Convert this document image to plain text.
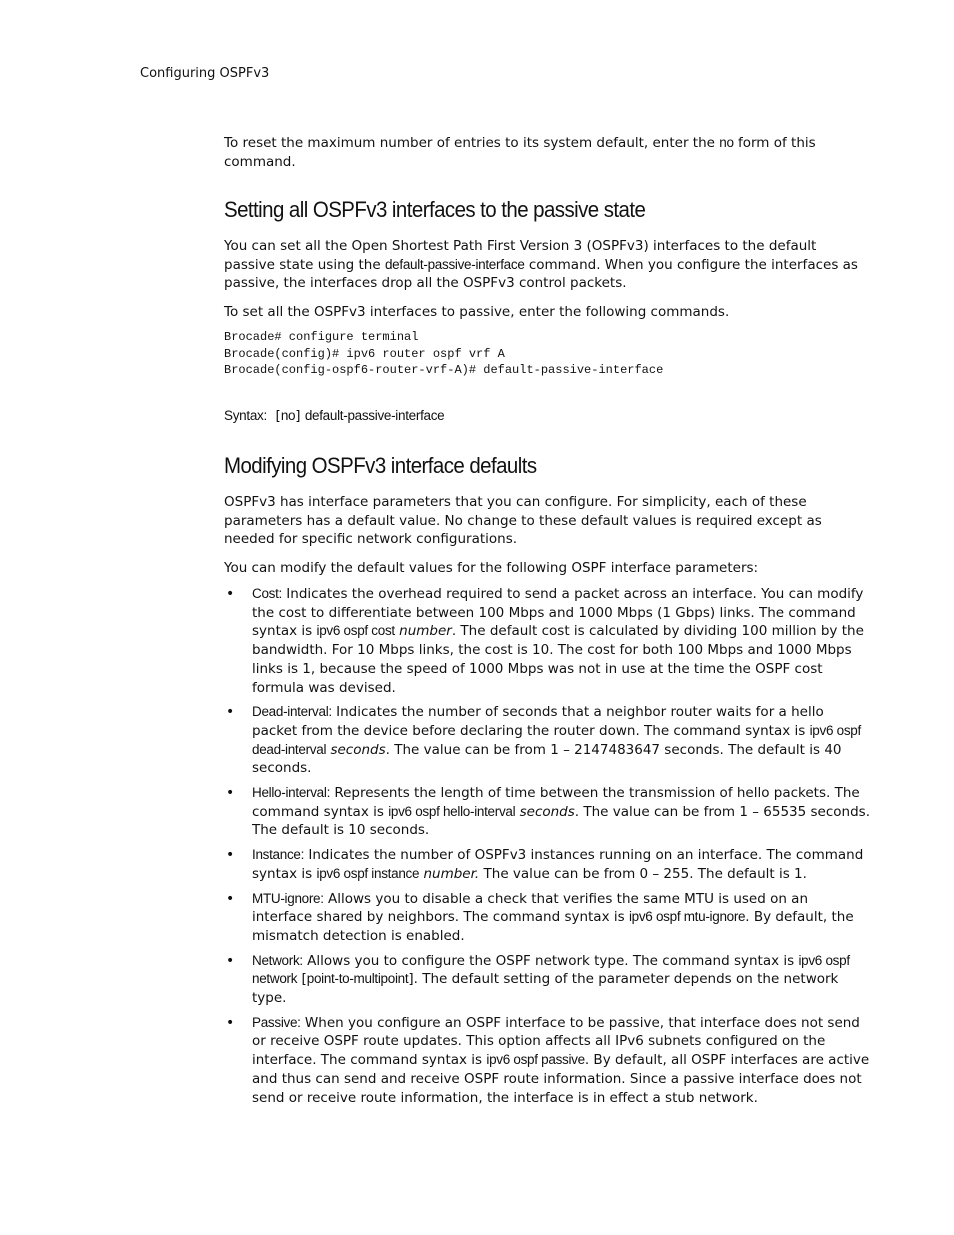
Configuring OSPFv3

To reset the maximum number of entries to its system default, enter the no form of this command.

Setting all OSPFv3 interfaces to the passive state

You can set all the Open Shortest Path First Version 3 (OSPFv3) interfaces to the default passive state using the default-passive-interface command. When you configure the interfaces as passive, the interfaces drop all the OSPFv3 control packets.

To set all the OSPFv3 interfaces to passive, enter the following commands.

Brocade# configure terminal
Brocade(config)# ipv6 router ospf vrf A
Brocade(config-ospf6-router-vrf-A)# default-passive-interface

Syntax: [no] default-passive-interface

Modifying OSPFv3 interface defaults

OSPFv3 has interface parameters that you can configure. For simplicity, each of these parameters has a default value. No change to these default values is required except as needed for specific network configurations.

You can modify the default values for the following OSPF interface parameters:

• Cost: Indicates the overhead required to send a packet across an interface. You can modify the cost to differentiate between 100 Mbps and 1000 Mbps (1 Gbps) links. The command syntax is ipv6 ospf cost number. The default cost is calculated by dividing 100 million by the bandwidth. For 10 Mbps links, the cost is 10. The cost for both 100 Mbps and 1000 Mbps links is 1, because the speed of 1000 Mbps was not in use at the time the OSPF cost formula was devised.
• Dead-interval: Indicates the number of seconds that a neighbor router waits for a hello packet from the device before declaring the router down. The command syntax is ipv6 ospf dead-interval seconds. The value can be from 1 – 2147483647 seconds. The default is 40 seconds.
• Hello-interval: Represents the length of time between the transmission of hello packets. The command syntax is ipv6 ospf hello-interval seconds. The value can be from 1 – 65535 seconds. The default is 10 seconds.
• Instance: Indicates the number of OSPFv3 instances running on an interface. The command syntax is ipv6 ospf instance number. The value can be from 0 – 255. The default is 1.
• MTU-ignore: Allows you to disable a check that verifies the same MTU is used on an interface shared by neighbors. The command syntax is ipv6 ospf mtu-ignore. By default, the mismatch detection is enabled.
• Network: Allows you to configure the OSPF network type. The command syntax is ipv6 ospf network [point-to-multipoint]. The default setting of the parameter depends on the network type.
• Passive: When you configure an OSPF interface to be passive, that interface does not send or receive OSPF route updates. This option affects all IPv6 subnets configured on the interface. The command syntax is ipv6 ospf passive. By default, all OSPF interfaces are active and thus can send and receive OSPF route information. Since a passive interface does not send or receive route information, the interface is in effect a stub network.
